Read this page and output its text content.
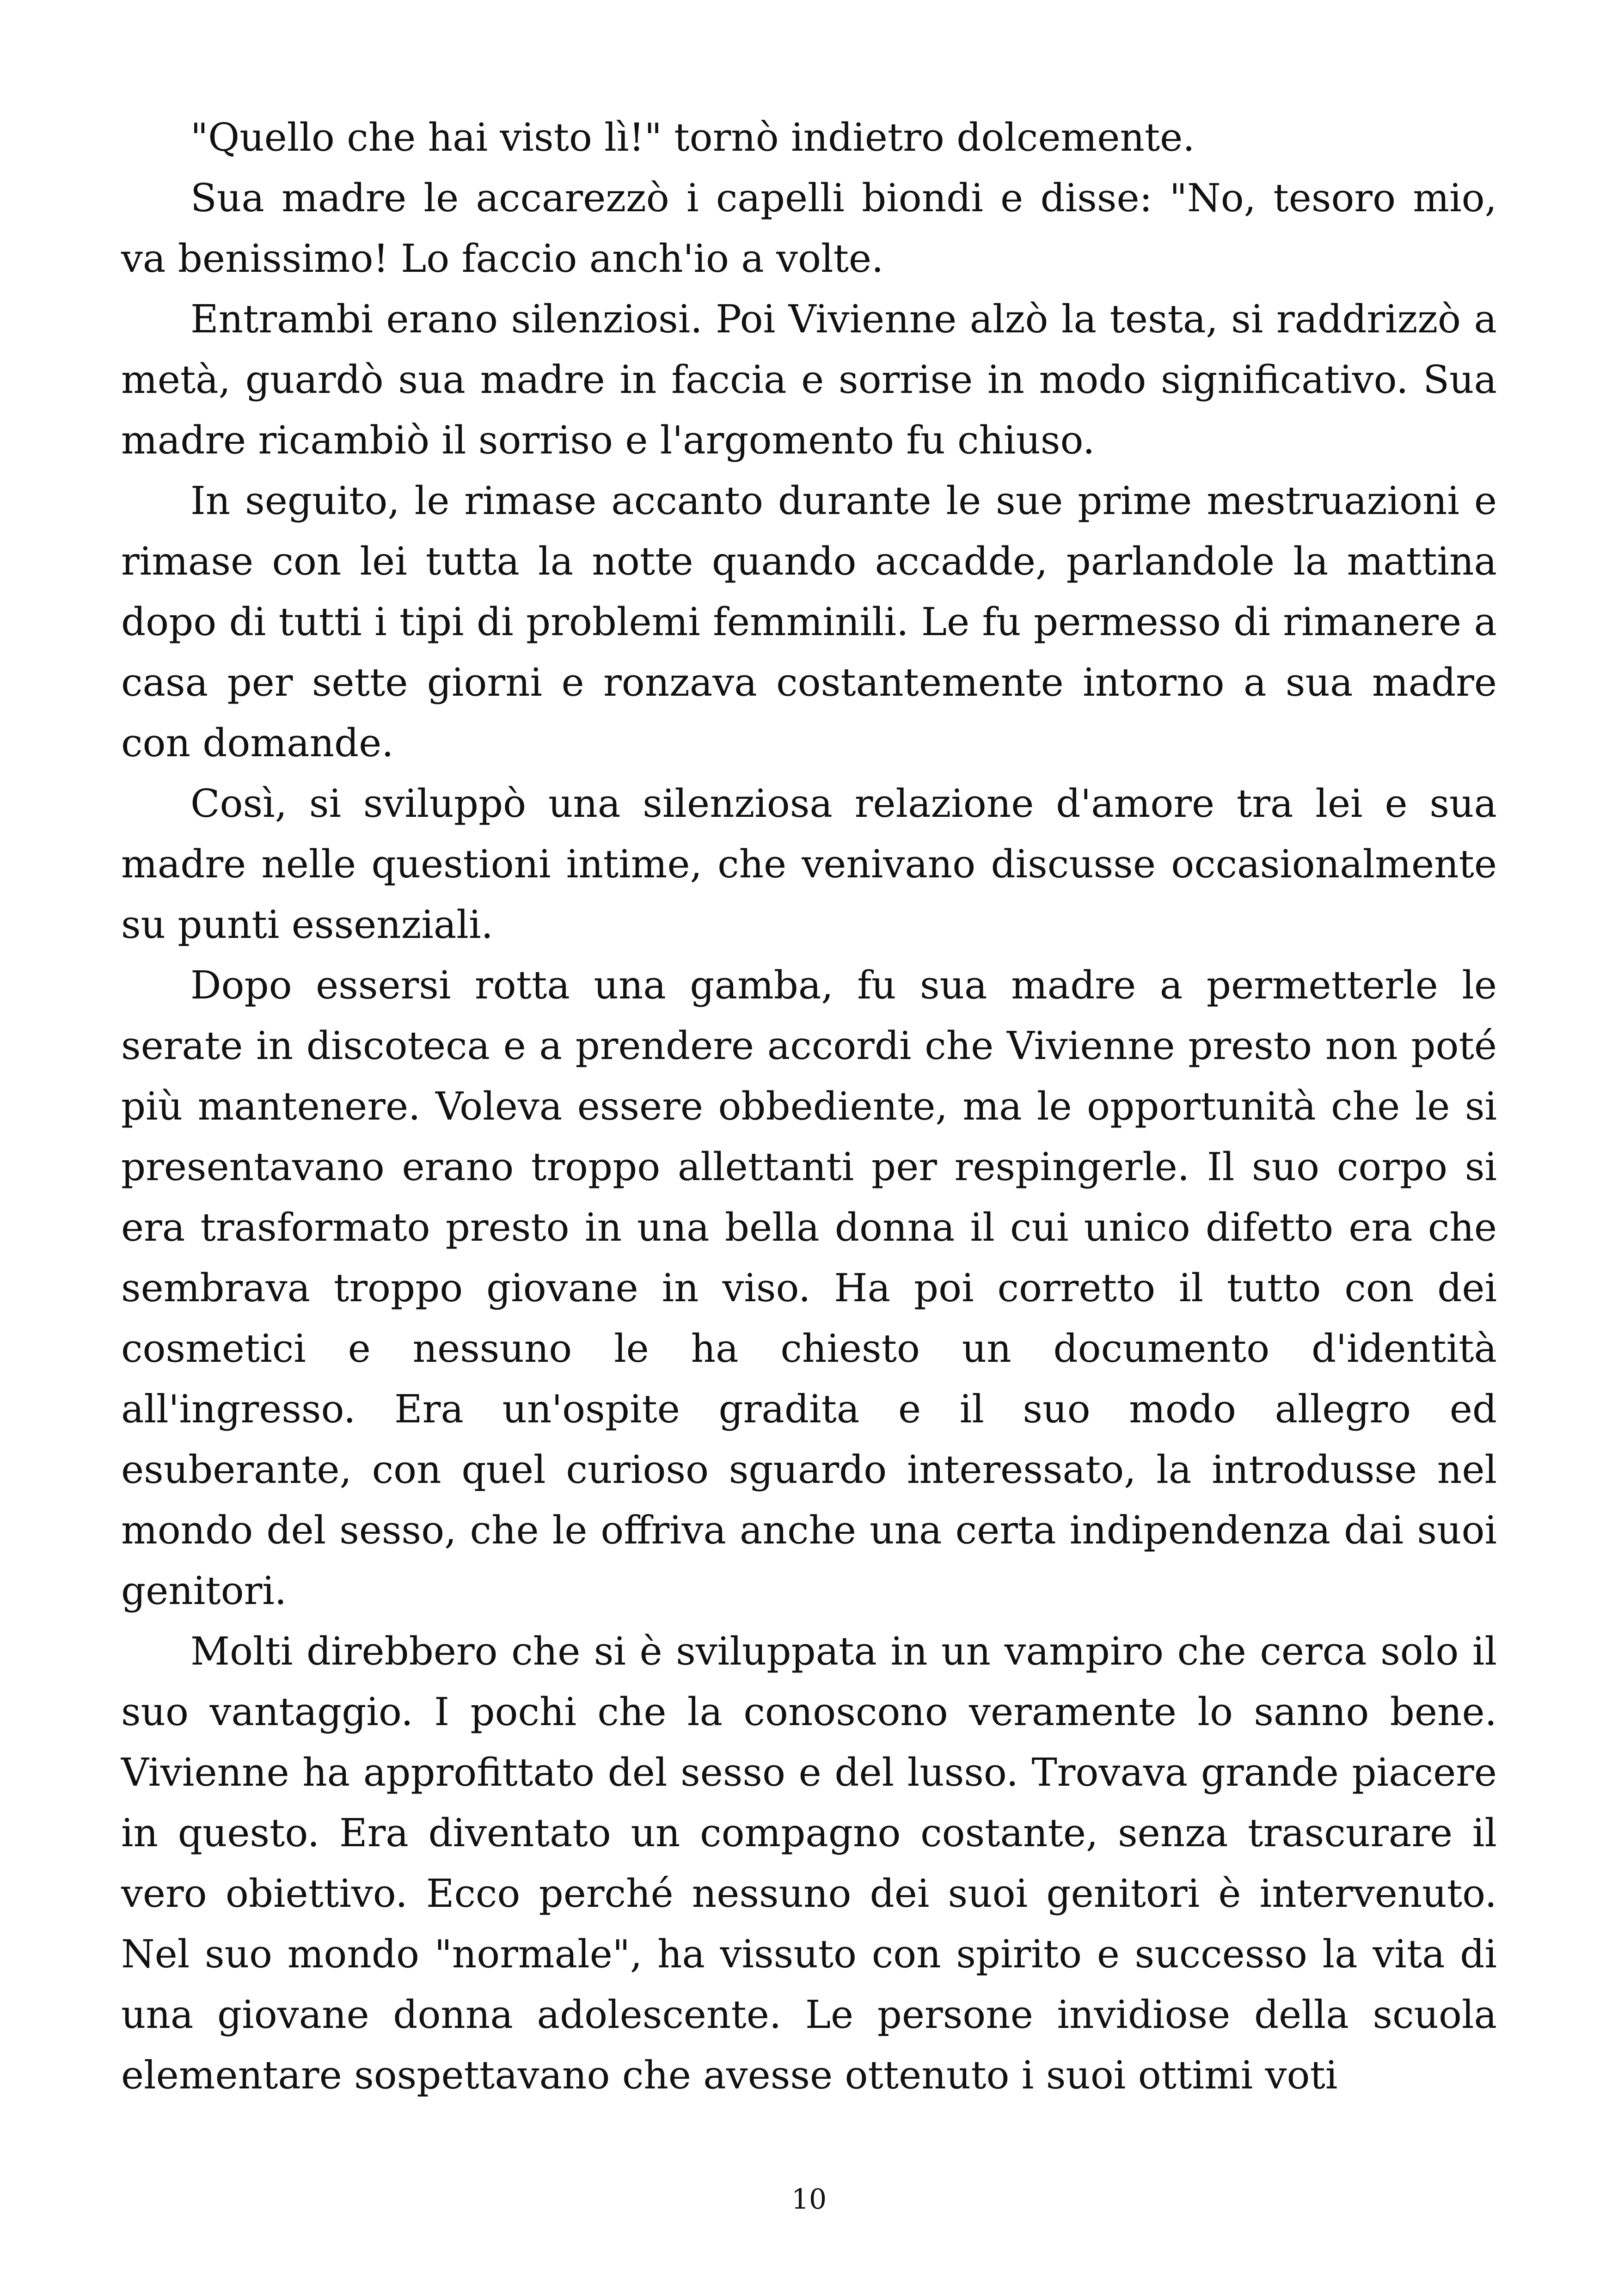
"Quello che hai visto lì!" tornò indietro dolcemente.

Sua madre le accarezzò i capelli biondi e disse: "No, tesoro mio, va benissimo! Lo faccio anch'io a volte.

Entrambi erano silenziosi. Poi Vivienne alzò la testa, si raddrizzò a metà, guardò sua madre in faccia e sorrise in modo significativo. Sua madre ricambiò il sorriso e l'argomento fu chiuso.

In seguito, le rimase accanto durante le sue prime mestruazioni e rimase con lei tutta la notte quando accadde, parlandole la mattina dopo di tutti i tipi di problemi femminili. Le fu permesso di rimanere a casa per sette giorni e ronzava costantemente intorno a sua madre con domande.

Così, si sviluppò una silenziosa relazione d'amore tra lei e sua madre nelle questioni intime, che venivano discusse occasionalmente su punti essenziali.

Dopo essersi rotta una gamba, fu sua madre a permetterle le serate in discoteca e a prendere accordi che Vivienne presto non poté più mantenere. Voleva essere obbediente, ma le opportunità che le si presentavano erano troppo allettanti per respingerle. Il suo corpo si era trasformato presto in una bella donna il cui unico difetto era che sembrava troppo giovane in viso. Ha poi corretto il tutto con dei cosmetici e nessuno le ha chiesto un documento d'identità all'ingresso. Era un'ospite gradita e il suo modo allegro ed esuberante, con quel curioso sguardo interessato, la introdusse nel mondo del sesso, che le offriva anche una certa indipendenza dai suoi genitori.

Molti direbbero che si è sviluppata in un vampiro che cerca solo il suo vantaggio. I pochi che la conoscono veramente lo sanno bene. Vivienne ha approfittato del sesso e del lusso. Trovava grande piacere in questo. Era diventato un compagno costante, senza trascurare il vero obiettivo. Ecco perché nessuno dei suoi genitori è intervenuto. Nel suo mondo "normale", ha vissuto con spirito e successo la vita di una giovane donna adolescente. Le persone invidiose della scuola elementare sospettavano che avesse ottenuto i suoi ottimi voti

10
